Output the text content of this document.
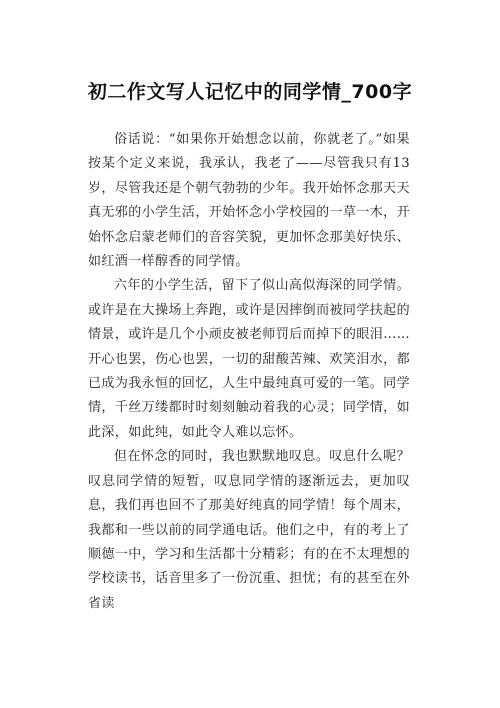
初二作文写人记忆中的同学情_700字

俗话说：“如果你开始想念以前，你就老了。”如果按某个定义来说，我承认，我老了——尽管我只有13岁，尽管我还是个朝气勃勃的少年。我开始怀念那天天真无邪的小学生活，开始怀念小学校园的一草一木，开始怀念启蒙老师们的音容笑貌，更加怀念那美好快乐、如红酒一样醇香的同学情。

六年的小学生活，留下了似山高似海深的同学情。或许是在大操场上奔跑，或许是因摔倒而被同学扶起的情景，或许是几个小顽皮被老师罚后而掉下的眼泪……开心也罢，伤心也罢，一切的甜酸苦辣、欢笑泪水，都已成为我永恒的回忆，人生中最纯真可爱的一笔。同学情，千丝万缕都时时刻刻触动着我的心灵；同学情，如此深，如此纯，如此令人难以忘怀。

但在怀念的同时，我也默默地叹息。叹息什么呢？叹息同学情的短暂，叹息同学情的逐渐远去，更加叹息，我们再也回不了那美好纯真的同学情！每个周末，我都和一些以前的同学通电话。他们之中，有的考上了顺德一中，学习和生活都十分精彩；有的在不太理想的学校读书，话音里多了一份沉重、担忧；有的甚至在外省读
